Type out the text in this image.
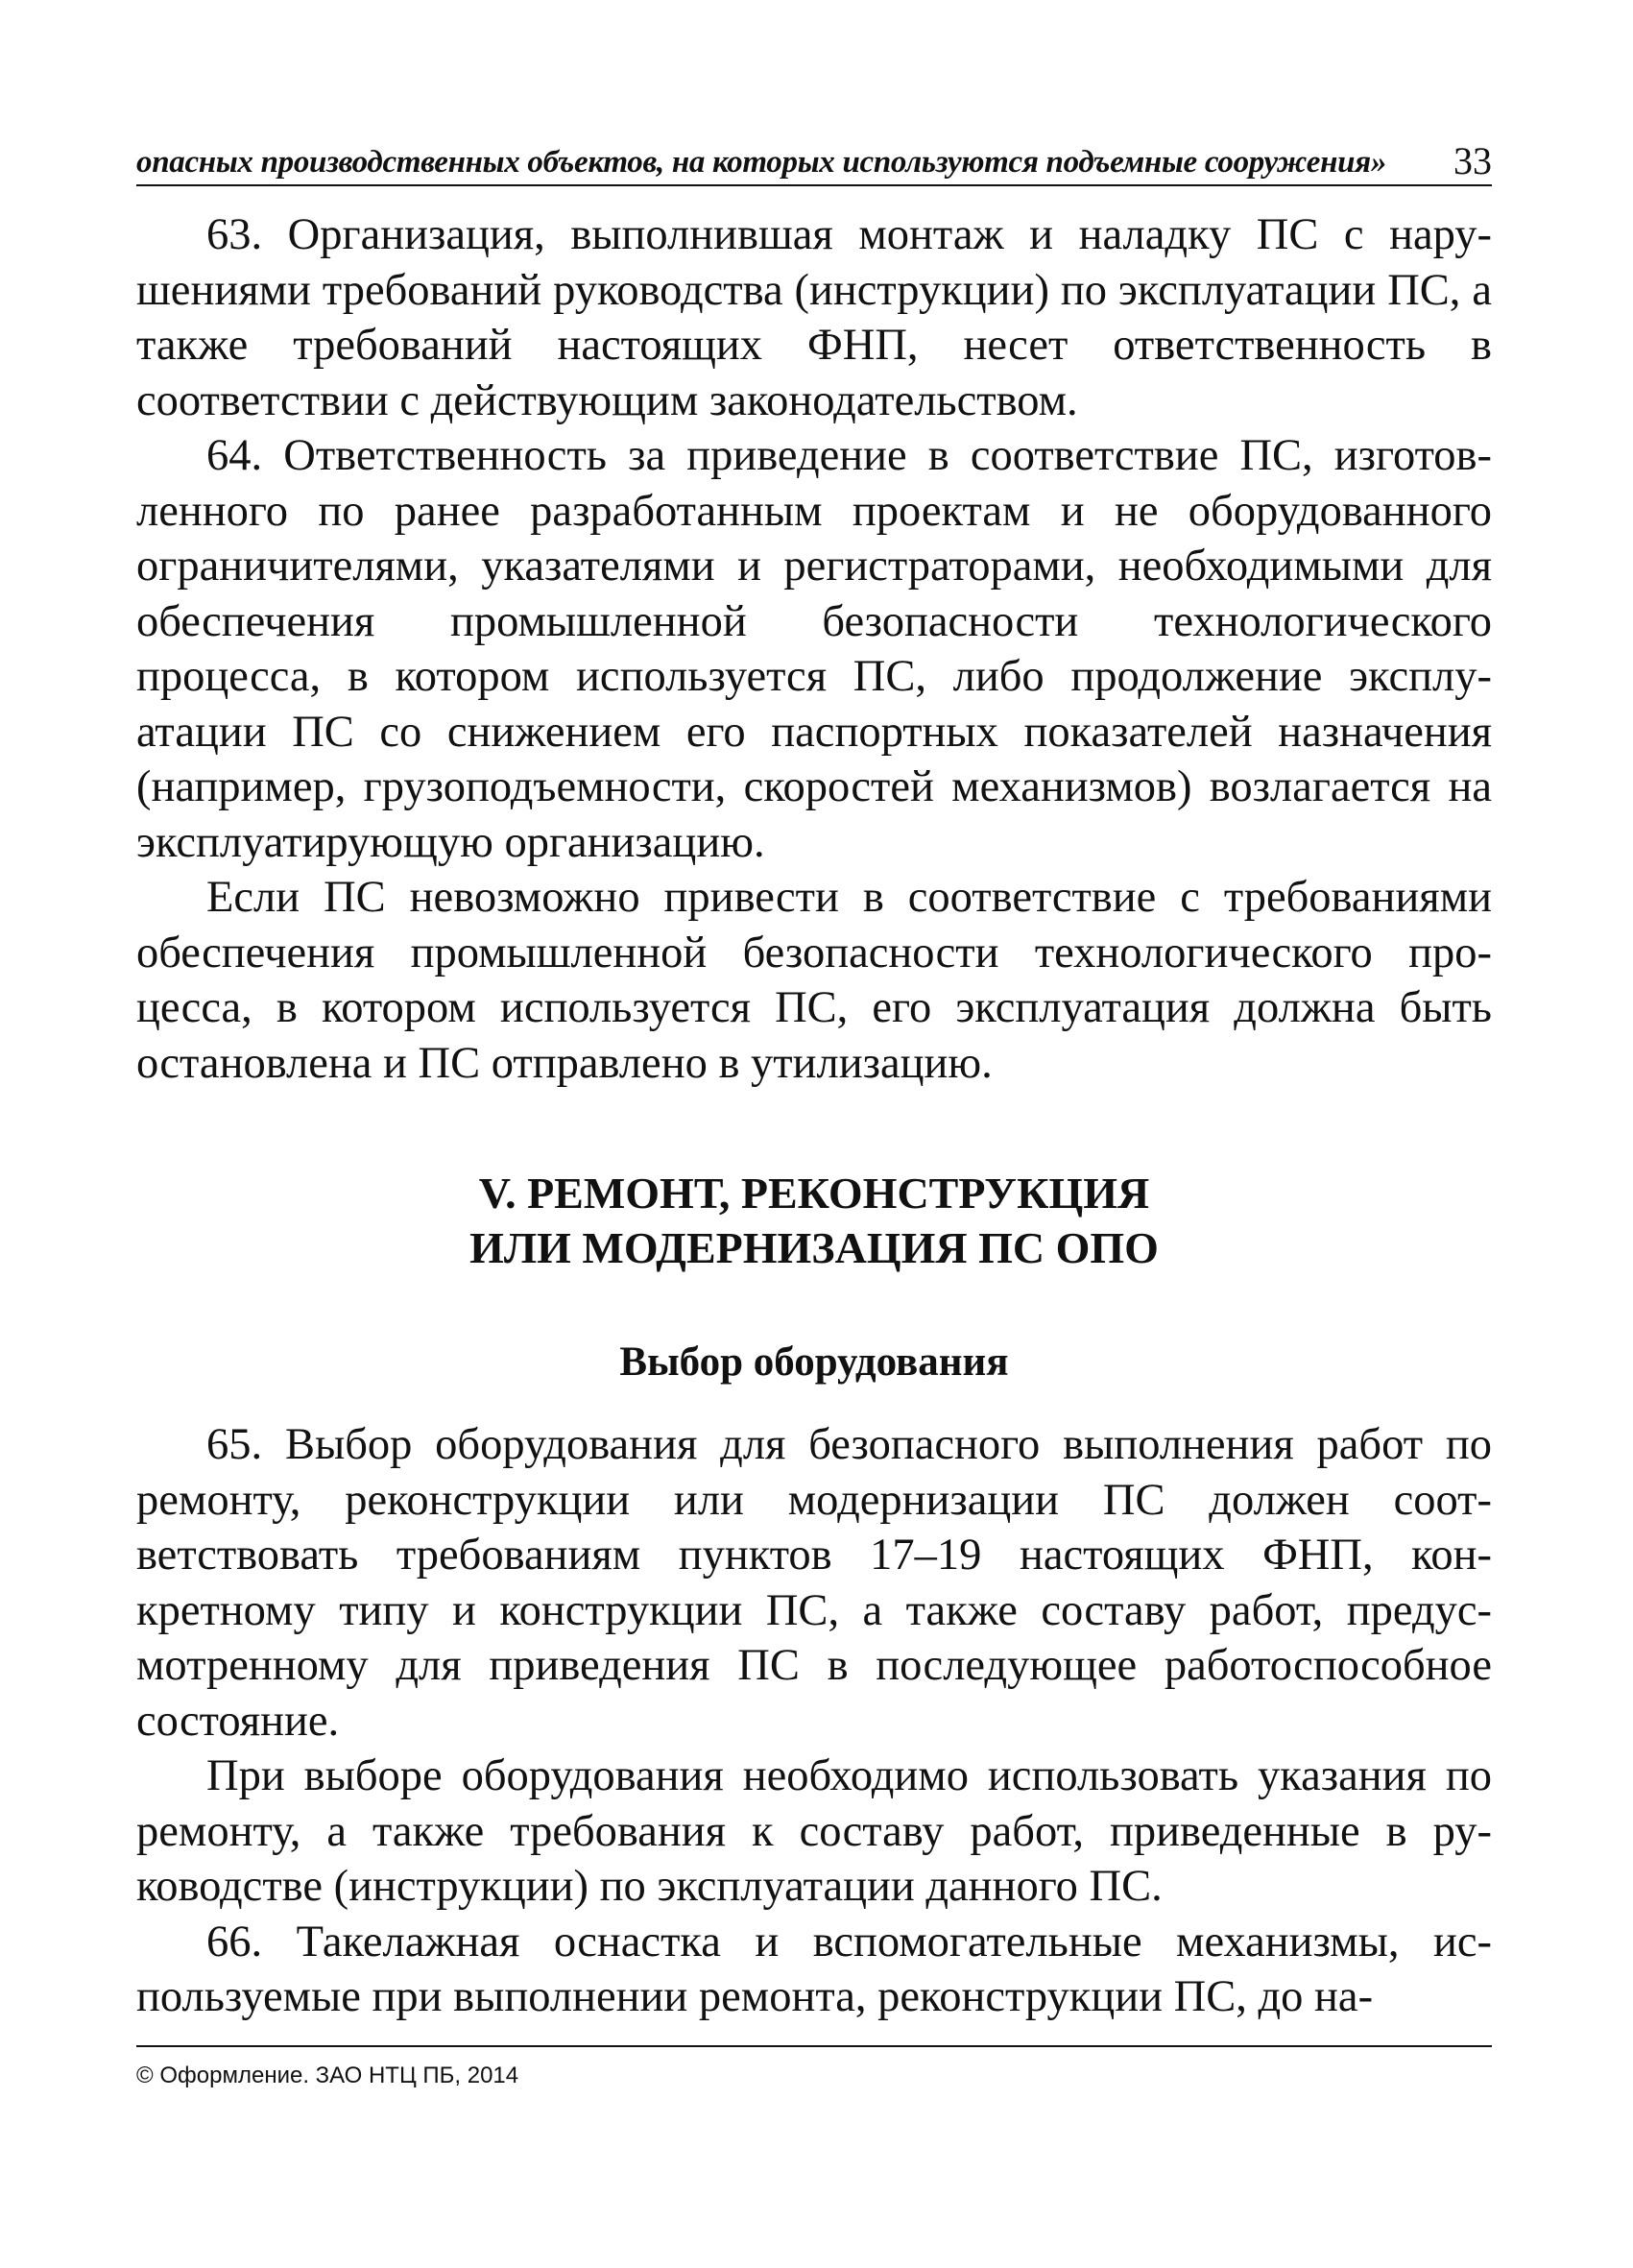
опасных производственных объектов, на которых используются подъемные сооружения» 33

63. Организация, выполнившая монтаж и наладку ПС с нарушениями требований руководства (инструкции) по эксплуатации ПС, а также требований настоящих ФНП, несет ответственность в соответствии с действующим законодательством.

64. Ответственность за приведение в соответствие ПС, изготовленного по ранее разработанным проектам и не оборудованного ограничителями, указателями и регистраторами, необходимыми для обеспечения промышленной безопасности технологического процесса, в котором используется ПС, либо продолжение эксплуатации ПС со снижением его паспортных показателей назначения (например, грузоподъемности, скоростей механизмов) возлагается на эксплуатирующую организацию.

Если ПС невозможно привести в соответствие с требованиями обеспечения промышленной безопасности технологического процесса, в котором используется ПС, его эксплуатация должна быть остановлена и ПС отправлено в утилизацию.

V. РЕМОНТ, РЕКОНСТРУКЦИЯ

ИЛИ МОДЕРНИЗАЦИЯ ПС ОПО

Выбор оборудования

65. Выбор оборудования для безопасного выполнения работ по ремонту, реконструкции или модернизации ПС должен соответствовать требованиям пунктов 17–19 настоящих ФНП, конкретному типу и конструкции ПС, а также составу работ, предусмотренному для приведения ПС в последующее работоспособное состояние.

При выборе оборудования необходимо использовать указания по ремонту, а также требования к составу работ, приведенные в руководстве (инструкции) по эксплуатации данного ПС.

66. Такелажная оснастка и вспомогательные механизмы, используемые при выполнении ремонта, реконструкции ПС, до на-

© Оформление. ЗАО НТЦ ПБ, 2014
